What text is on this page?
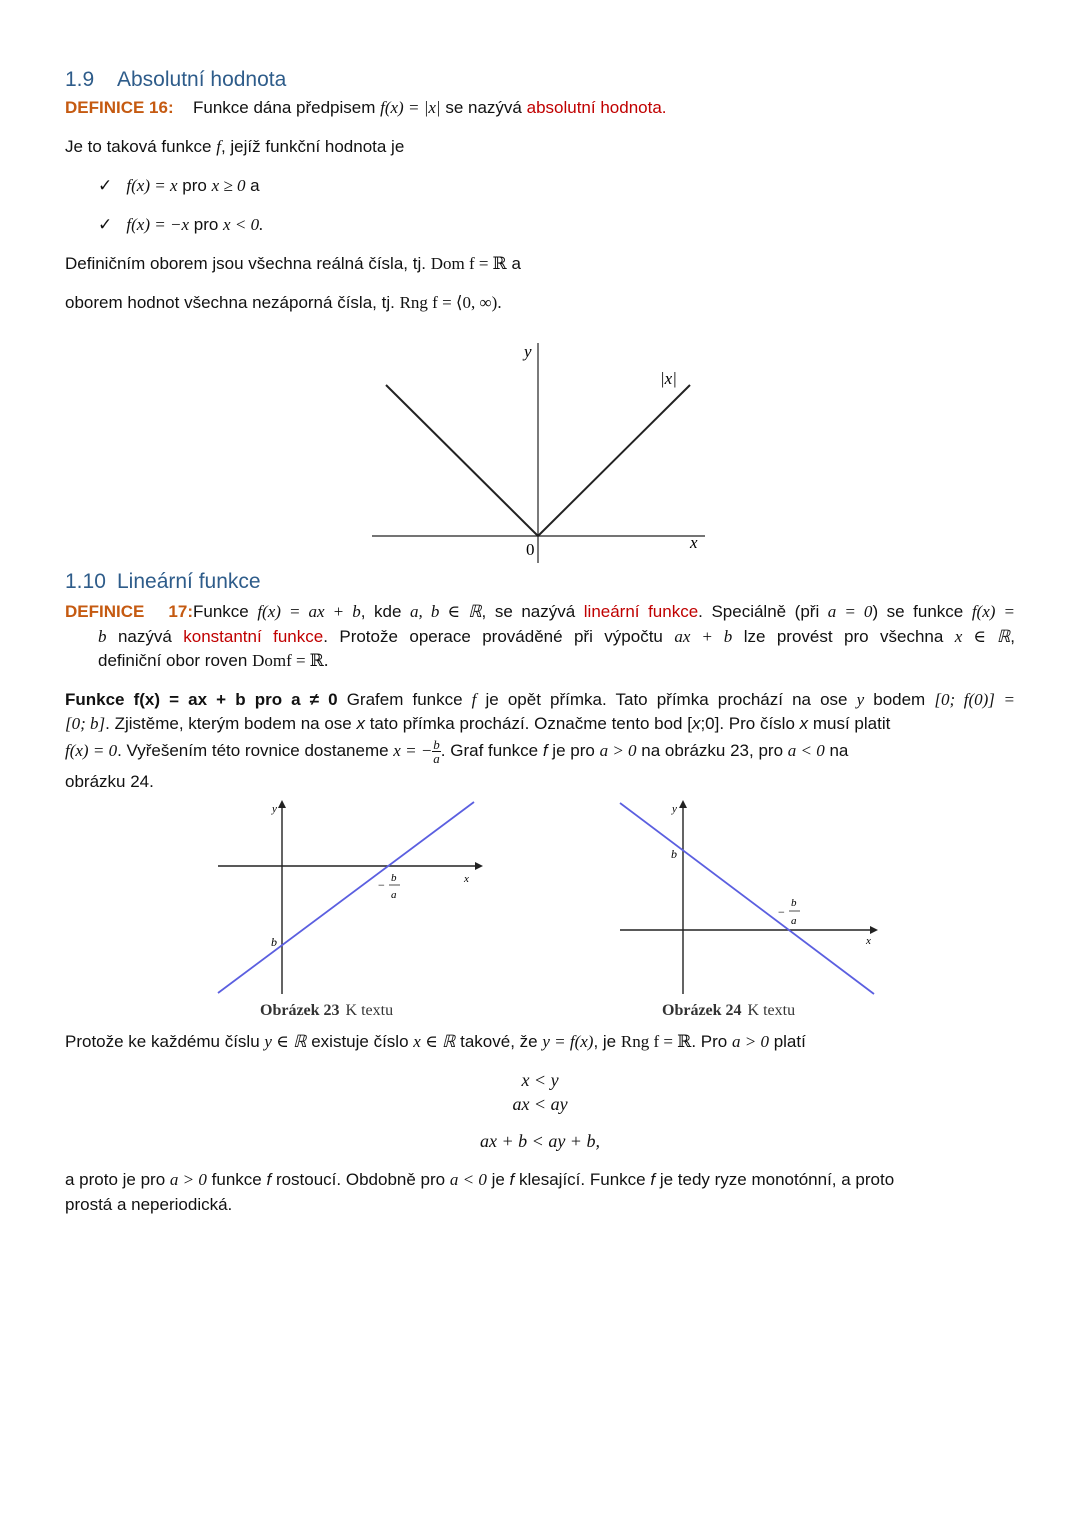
1.9 Absolutní hodnota
DEFINICE 16: Funkce dána předpisem f(x) = |x| se nazývá absolutní hodnota.
Je to taková funkce f, jejíž funkční hodnota je
✓ f(x) = x pro x ≥ 0 a
✓ f(x) = −x pro x < 0.
Definičním oborem jsou všechna reálná čísla, tj. Dom f = ℝ a
oborem hodnot všechna nezáporná čísla, tj. Rng f = ⟨0, ∞).
y
x
0
|x|
1.10 Lineární funkce
DEFINICE 17:Funkce f(x) = ax + b, kde a, b ∈ ℝ, se nazývá lineární funkce. Speciálně (při a = 0) se funkce f(x) =
b nazývá konstantní funkce. Protože operace prováděné při výpočtu ax + b lze provést pro všechna x ∈ ℝ,
definiční obor roven Domf = ℝ.
Funkce f(x) = ax + b pro a ≠ 0 Grafem funkce f je opět přímka. Tato přímka prochází na ose y bodem [0; f(0)] =
[0; b]. Zjistěme, kterým bodem na ose x tato přímka prochází. Označme tento bod [x;0]. Pro číslo x musí platit
f(x) = 0. Vyřešením této rovnice dostaneme x = − $\frac{b}{a}$ . Graf funkce f je pro a > 0 na obrázku 23, pro a < 0 na
obrázku 24.
y
x
b
− b
a
Obrázek 23 K textu
y
x
b
−
b
a
Obrázek 24 K textu
Protože ke každému číslu y ∈ ℝ existuje číslo x ∈ ℝ takové, že y = f(x), je Rng f = ℝ. Pro a > 0 platí
x < y
ax < ay
ax + b < ay + b,
a proto je pro a > 0 funkce f rostoucí. Obdobně pro a < 0 je f klesající. Funkce f je tedy ryze monotónní, a proto
prostá a neperiodická.
